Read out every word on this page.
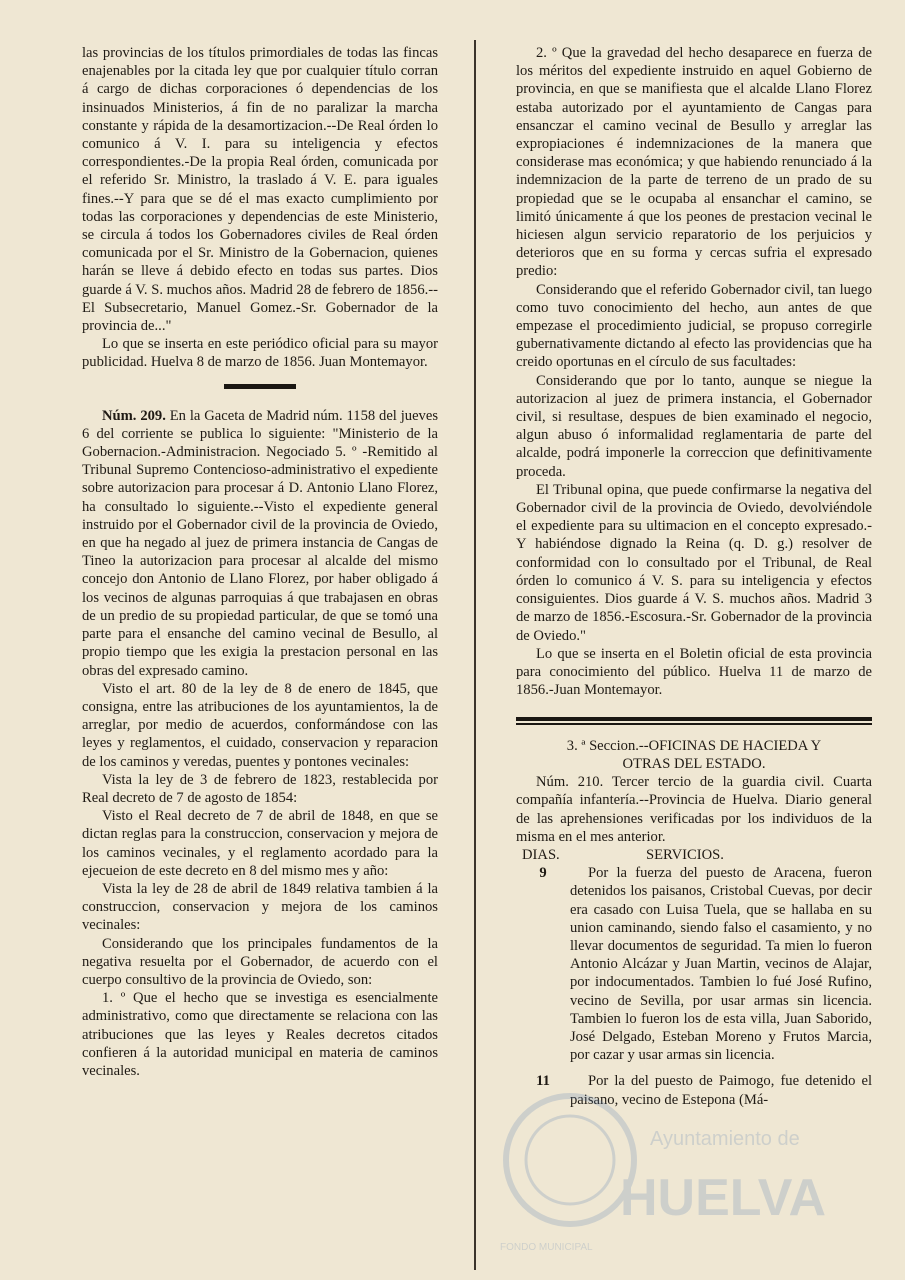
las provincias de los títulos primordiales de todas las fincas enajenables por la citada ley que por cualquier título corran á cargo de dichas corporaciones ó dependencias de los insinuados Ministerios, á fin de no paralizar la marcha constante y rápida de la desamortizacion.--De Real órden lo comunico á V. I. para su inteligencia y efectos correspondientes.-De la propia Real órden, comunicada por el referido Sr. Ministro, la traslado á V. E. para iguales fines.--Y para que se dé el mas exacto cumplimiento por todas las corporaciones y dependencias de este Ministerio, se circula á todos los Gobernadores civiles de Real órden comunicada por el Sr. Ministro de la Gobernacion, quienes harán se lleve á debido efecto en todas sus partes. Dios guarde á V. S. muchos años. Madrid 28 de febrero de 1856.--El Subsecretario, Manuel Gomez.-Sr. Gobernador de la provincia de..."

Lo que se inserta en este periódico oficial para su mayor publicidad. Huelva 8 de marzo de 1856. Juan Montemayor.

Núm. 209. En la Gaceta de Madrid núm. 1158 del jueves 6 del corriente se publica lo siguiente: "Ministerio de la Gobernacion.-Administracion. Negociado 5. º -Remitido al Tribunal Supremo Contencioso-administrativo el expediente sobre autorizacion para procesar á D. Antonio Llano Florez, ha consultado lo siguiente.--Visto el expediente general instruido por el Gobernador civil de la provincia de Oviedo, en que ha negado al juez de primera instancia de Cangas de Tineo la autorizacion para procesar al alcalde del mismo concejo don Antonio de Llano Florez, por haber obligado á los vecinos de algunas parroquias á que trabajasen en obras de un predio de su propiedad particular, de que se tomó una parte para el ensanche del camino vecinal de Besullo, al propio tiempo que les exigia la prestacion personal en las obras del expresado camino.

Visto el art. 80 de la ley de 8 de enero de 1845, que consigna, entre las atribuciones de los ayuntamientos, la de arreglar, por medio de acuerdos, conformándose con las leyes y reglamentos, el cuidado, conservacion y reparacion de los caminos y veredas, puentes y pontones vecinales:

Vista la ley de 3 de febrero de 1823, restablecida por Real decreto de 7 de agosto de 1854:

Visto el Real decreto de 7 de abril de 1848, en que se dictan reglas para la construccion, conservacion y mejora de los caminos vecinales, y el reglamento acordado para la ejecueion de este decreto en 8 del mismo mes y año:

Vista la ley de 28 de abril de 1849 relativa tambien á la construccion, conservacion y mejora de los caminos vecinales:

Considerando que los principales fundamentos de la negativa resuelta por el Gobernador, de acuerdo con el cuerpo consultivo de la provincia de Oviedo, son:

1. º Que el hecho que se investiga es esencialmente administrativo, como que directamente se relaciona con las atribuciones que las leyes y Reales decretos citados confieren á la autoridad municipal en materia de caminos vecinales.

2. º Que la gravedad del hecho desaparece en fuerza de los méritos del expediente instruido en aquel Gobierno de provincia, en que se manifiesta que el alcalde Llano Florez estaba autorizado por el ayuntamiento de Cangas para ensanczar el camino vecinal de Besullo y arreglar las expropiaciones é indemnizaciones de la manera que considerase mas económica; y que habiendo renunciado á la indemnizacion de la parte de terreno de un prado de su propiedad que se le ocupaba al ensanchar el camino, se limitó únicamente á que los peones de prestacion vecinal le hiciesen algun servicio reparatorio de los perjuicios y deterioros que en su forma y cercas sufria el expresado predio:

Considerando que el referido Gobernador civil, tan luego como tuvo conocimiento del hecho, aun antes de que empezase el procedimiento judicial, se propuso corregirle gubernativamente dictando al efecto las providencias que ha creido oportunas en el círculo de sus facultades:

Considerando que por lo tanto, aunque se niegue la autorizacion al juez de primera instancia, el Gobernador civil, si resultase, despues de bien examinado el negocio, algun abuso ó informalidad reglamentaria de parte del alcalde, podrá imponerle la correccion que definitivamente proceda.

El Tribunal opina, que puede confirmarse la negativa del Gobernador civil de la provincia de Oviedo, devolviéndole el expediente para su ultimacion en el concepto expresado.-Y habiéndose dignado la Reina (q. D. g.) resolver de conformidad con lo consultado por el Tribunal, de Real órden lo comunico á V. S. para su inteligencia y efectos consiguientes. Dios guarde á V. S. muchos años. Madrid 3 de marzo de 1856.-Escosura.-Sr. Gobernador de la provincia de Oviedo."

Lo que se inserta en el Boletin oficial de esta provincia para conocimiento del público. Huelva 11 de marzo de 1856.-Juan Montemayor.

3. ª Seccion.--OFICINAS DE HACIEDA Y

OTRAS DEL ESTADO.

Núm. 210. Tercer tercio de la guardia civil. Cuarta compañía infantería.--Provincia de Huelva. Diario general de las aprehensiones verificadas por los individuos de la misma en el mes anterior.

DIAS.	SERVICIOS.
9	Por la fuerza del puesto de Aracena, fueron detenidos los paisanos, Cristobal Cuevas, por decir era casado con Luisa Tuela, que se hallaba en su union caminando, siendo falso el casamiento, y no llevar documentos de seguridad. Ta mien lo fueron Antonio Alcázar y Juan Martin, vecinos de Alajar, por indocumentados. Tambien lo fué José Rufino, vecino de Sevilla, por usar armas sin licencia. Tambien lo fueron los de esta villa, Juan Saborido, José Delgado, Esteban Moreno y Frutos Marcia, por cazar y usar armas sin licencia.
11	Por la del puesto de Paimogo, fue detenido el paisano, vecino de Estepona (Má-
Ayuntamiento de
HUELVA
FONDO MUNICIPAL
